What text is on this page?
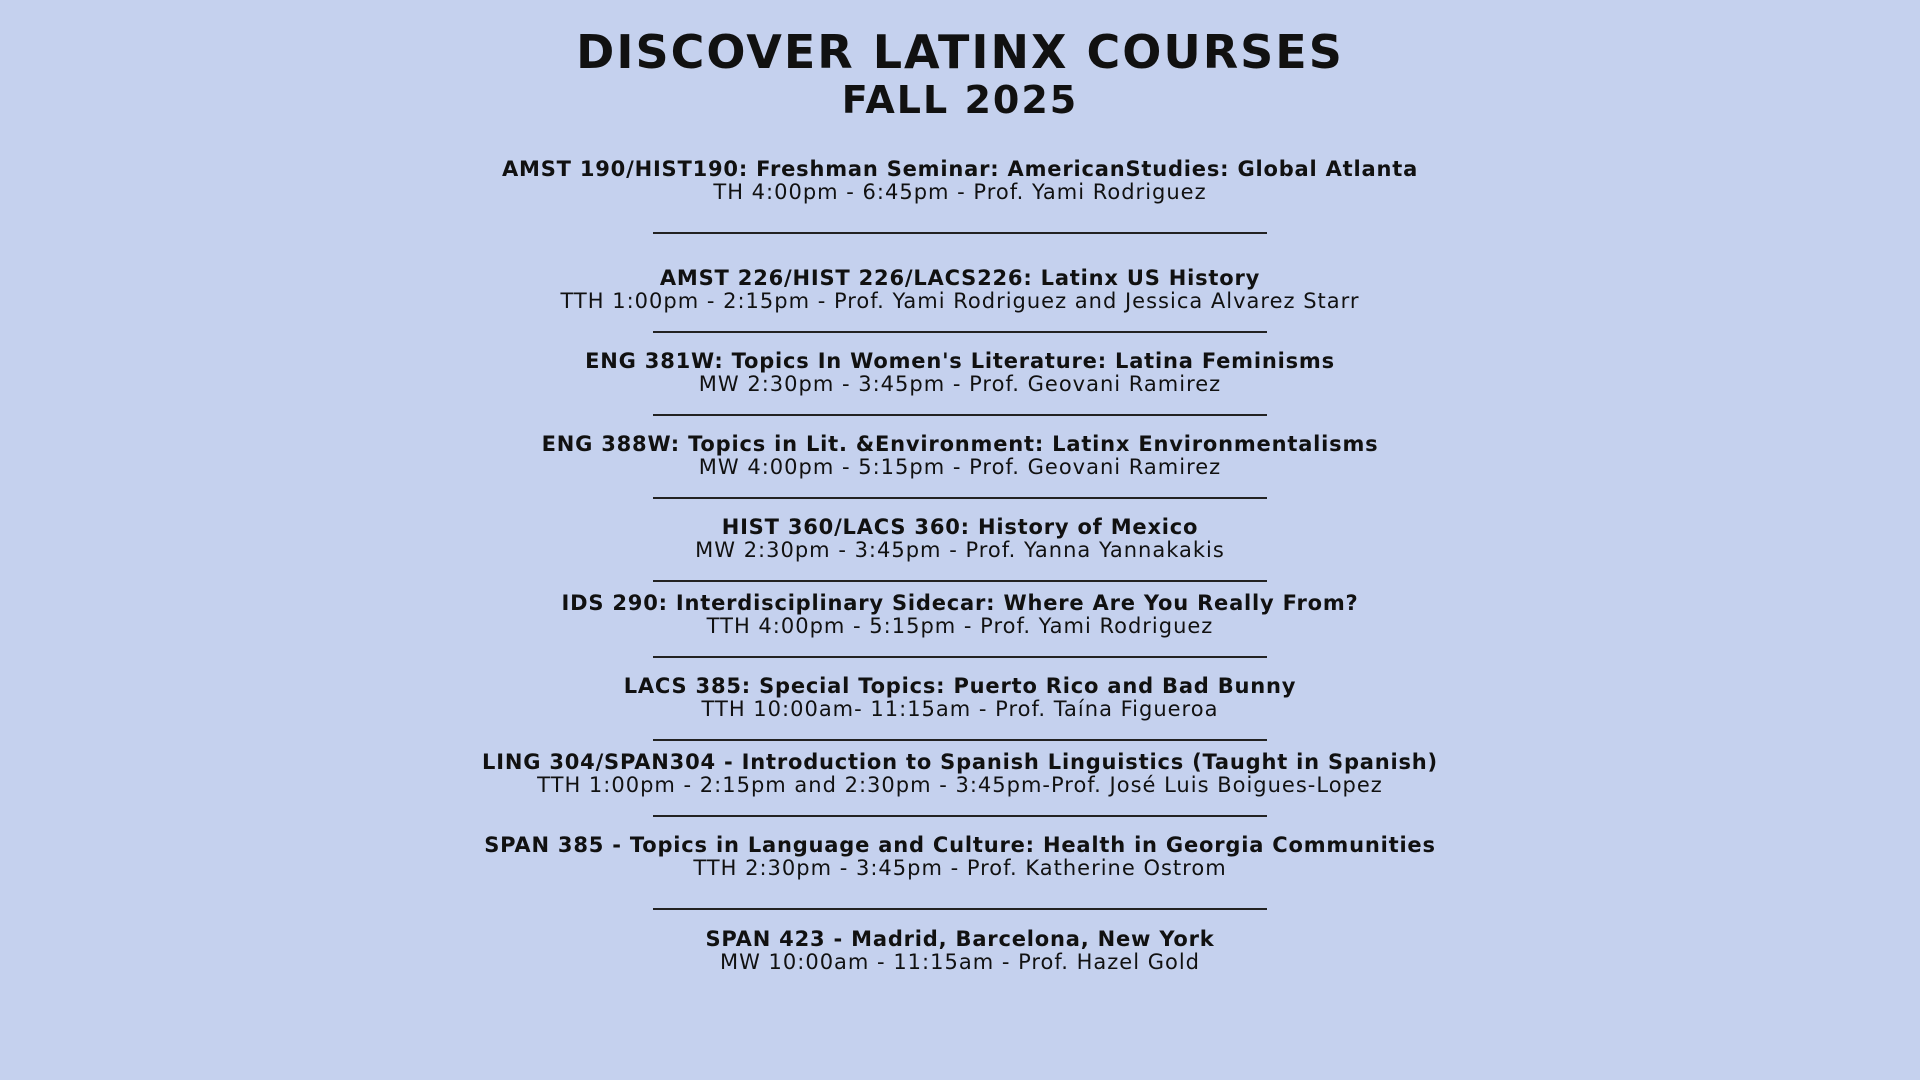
DISCOVER LATINX COURSES
FALL 2025
AMST 190/HIST190: Freshman Seminar: AmericanStudies: Global Atlanta
TH 4:00pm - 6:45pm - Prof. Yami Rodriguez
AMST 226/HIST 226/LACS226: Latinx US History
TTH 1:00pm - 2:15pm - Prof. Yami Rodriguez and Jessica Alvarez Starr
ENG 381W: Topics In Women's Literature: Latina Feminisms
MW 2:30pm - 3:45pm - Prof. Geovani Ramirez
ENG 388W: Topics in Lit. &Environment: Latinx Environmentalisms
MW 4:00pm - 5:15pm - Prof. Geovani Ramirez
HIST 360/LACS 360: History of Mexico
MW 2:30pm - 3:45pm - Prof. Yanna Yannakakis
IDS 290: Interdisciplinary Sidecar: Where Are You Really From?
TTH 4:00pm - 5:15pm - Prof. Yami Rodriguez
LACS 385: Special Topics: Puerto Rico and Bad Bunny
TTH 10:00am- 11:15am - Prof. Taína Figueroa
LING 304/SPAN304 - Introduction to Spanish Linguistics (Taught in Spanish)
TTH 1:00pm - 2:15pm and 2:30pm - 3:45pm-Prof. José Luis Boigues-Lopez
SPAN 385 - Topics in Language and Culture: Health in Georgia Communities
TTH 2:30pm - 3:45pm - Prof. Katherine Ostrom
SPAN 423 - Madrid, Barcelona, New York
MW 10:00am - 11:15am - Prof. Hazel Gold
